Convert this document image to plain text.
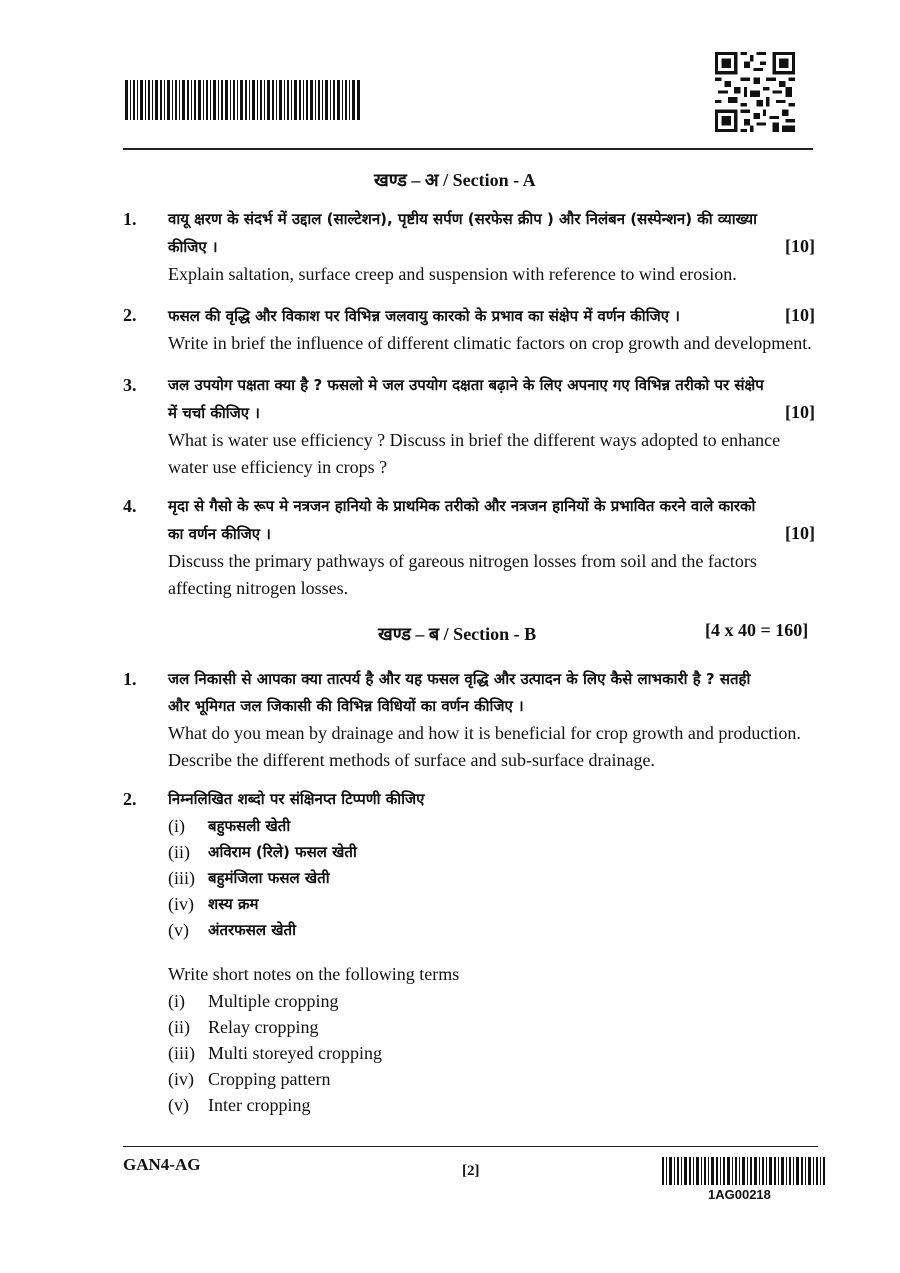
खण्ड – अ / Section - A
1. वायू क्षरण के संदर्भ में उद्दाल (साल्टेशन), पृष्टीय सर्पण (सरफेस क्रीप ) और निलंबन (सस्पेन्शन) की व्याख्या
कीजिए ।	[10]
Explain saltation, surface creep and suspension with reference to wind erosion.
2. फसल की वृद्धि और विकाश पर विभिन्न जलवायु कारको के प्रभाव का संक्षेप में वर्णन कीजिए ।	[10]
Write in brief the influence of different climatic factors on crop growth and development.
3. जल उपयोग पक्षता क्या है ? फसलो मे जल उपयोग दक्षता बढ़ाने के लिए अपनाए गए विभिन्न तरीको पर संक्षेप
में चर्चा कीजिए ।	[10]
What is water use efficiency ? Discuss in brief the different ways adopted to enhance
water use efficiency in crops ?
4. मृदा से गैसो के रूप मे नत्रजन हानियो के प्राथमिक तरीको और नत्रजन हानियों के प्रभावित करने वाले कारको
का वर्णन कीजिए ।	[10]
Discuss the primary pathways of gareous nitrogen losses from soil and the factors
affecting nitrogen losses.
खण्ड – ब / Section - B	[4 x 40 = 160]
1. जल निकासी से आपका क्या तात्पर्य है और यह फसल वृद्धि और उत्पादन के लिए कैसे लाभकारी है ? सतही
और भूमिगत जल जिकासी की विभिन्न विधियों का वर्णन कीजिए ।
What do you mean by drainage and how it is beneficial for crop growth and production.
Describe the different methods of surface and sub-surface drainage.
2. निम्नलिखित शब्दो पर संक्षिनप्त टिप्पणी कीजिए
(i)	बहुफसली खेती
(ii)	अविराम (रिले) फसल खेती
(iii) बहुमंजिला फसल खेती
(iv) शस्य क्रम
(v)	अंतरफसल खेती
Write short notes on the following terms
(i)	Multiple cropping
(ii)	Relay cropping
(iii) Multi storeyed cropping
(iv) Cropping pattern
(v)	Inter cropping
GAN4-AG	[2]
1AG00218
